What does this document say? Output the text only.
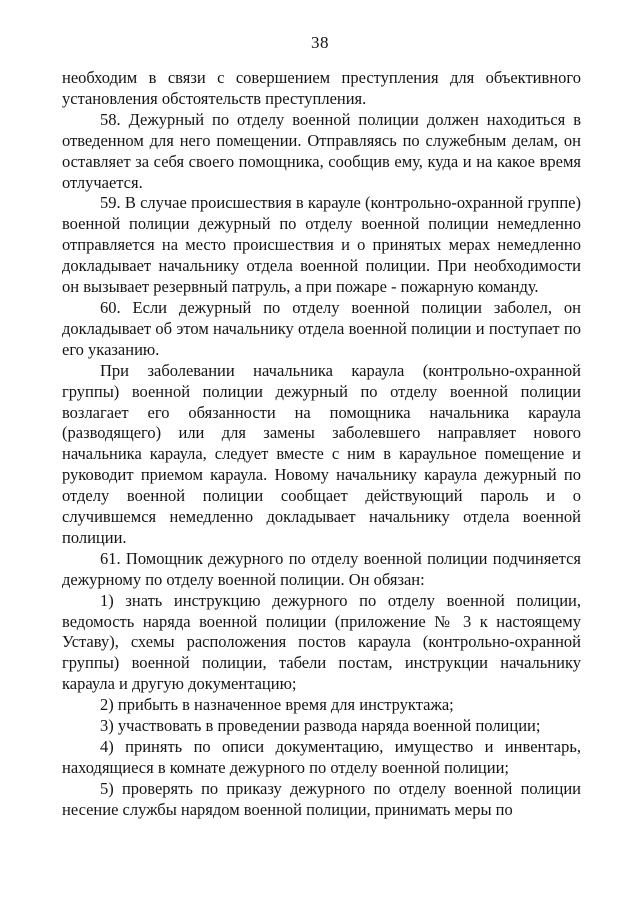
38

необходим в связи с совершением преступления для объективного установления обстоятельств преступления.

58. Дежурный по отделу военной полиции должен находиться в отведенном для него помещении. Отправляясь по служебным делам, он оставляет за себя своего помощника, сообщив ему, куда и на какое время отлучается.

59. В случае происшествия в карауле (контрольно-охранной группе) военной полиции дежурный по отделу военной полиции немедленно отправляется на место происшествия и о принятых мерах немедленно докладывает начальнику отдела военной полиции. При необходимости он вызывает резервный патруль, а при пожаре - пожарную команду.

60. Если дежурный по отделу военной полиции заболел, он докладывает об этом начальнику отдела военной полиции и поступает по его указанию.

При заболевании начальника караула (контрольно-охранной группы) военной полиции дежурный по отделу военной полиции возлагает его обязанности на помощника начальника караула (разводящего) или для замены заболевшего направляет нового начальника караула, следует вместе с ним в караульное помещение и руководит приемом караула. Новому начальнику караула дежурный по отделу военной полиции сообщает действующий пароль и о случившемся немедленно докладывает начальнику отдела военной полиции.

61. Помощник дежурного по отделу военной полиции подчиняется дежурному по отделу военной полиции. Он обязан:

1) знать инструкцию дежурного по отделу военной полиции, ведомость наряда военной полиции (приложение № 3 к настоящему Уставу), схемы расположения постов караула (контрольно-охранной группы) военной полиции, табели постам, инструкции начальнику караула и другую документацию;

2) прибыть в назначенное время для инструктажа;

3) участвовать в проведении развода наряда военной полиции;

4) принять по описи документацию, имущество и инвентарь, находящиеся в комнате дежурного по отделу военной полиции;

5) проверять по приказу дежурного по отделу военной полиции несение службы нарядом военной полиции, принимать меры по
